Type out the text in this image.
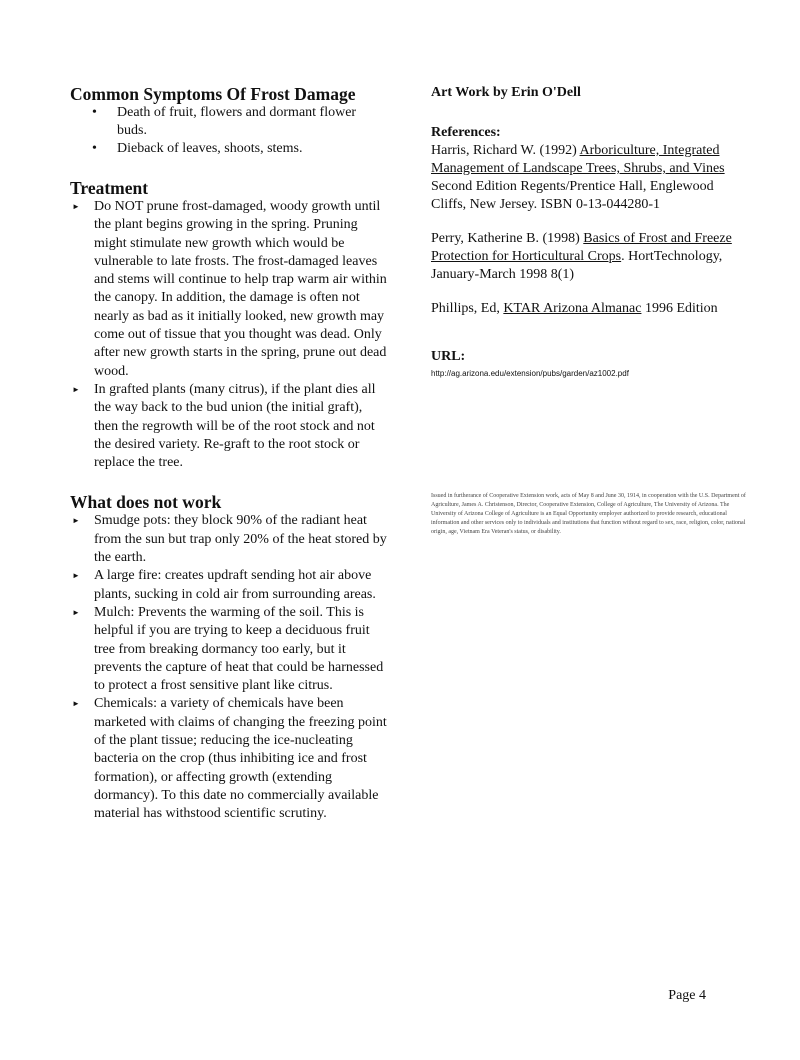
Common Symptoms Of Frost Damage
• Death of fruit, flowers and dormant flower buds.
• Dieback of leaves, shoots, stems.
Treatment
► Do NOT prune frost-damaged, woody growth until the plant begins growing in the spring. Pruning might stimulate new growth which would be vulnerable to late frosts. The frost-damaged leaves and stems will continue to help trap warm air within the canopy. In addition, the damage is often not nearly as bad as it initially looked, new growth may come out of tissue that you thought was dead. Only after new growth starts in the spring, prune out dead wood.
► In grafted plants (many citrus), if the plant dies all the way back to the bud union (the initial graft), then the regrowth will be of the root stock and not the desired variety. Re-graft to the root stock or replace the tree.
What does not work
► Smudge pots: they block 90% of the radiant heat from the sun but trap only 20% of the heat stored by the earth.
► A large fire: creates updraft sending hot air above plants, sucking in cold air from surrounding areas.
► Mulch: Prevents the warming of the soil. This is helpful if you are trying to keep a deciduous fruit tree from breaking dormancy too early, but it prevents the capture of heat that could be harnessed to protect a frost sensitive plant like citrus.
► Chemicals: a variety of chemicals have been marketed with claims of changing the freezing point of the plant tissue; reducing the ice-nucleating bacteria on the crop (thus inhibiting ice and frost formation), or affecting growth (extending dormancy). To this date no commercially available material has withstood scientific scrutiny.

Art Work by Erin O'Dell

References:

Harris, Richard W. (1992) Arboriculture, Integrated Management of Landscape Trees, Shrubs, and Vines Second Edition Regents/Prentice Hall, Englewood Cliffs, New Jersey. ISBN 0-13-044280-1

Perry, Katherine B. (1998) Basics of Frost and Freeze Protection for Horticultural Crops. HortTechnology, January-March 1998 8(1)

Phillips, Ed, KTAR Arizona Almanac 1996 Edition

URL:

http://ag.arizona.edu/extension/pubs/garden/az1002.pdf

Issued in furtherance of Cooperative Extension work, acts of May 8 and June 30, 1914, in cooperation with the U.S. Department of Agriculture, James A. Christenson, Director, Cooperative Extension, College of Agriculture, The University of Arizona. The University of Arizona College of Agriculture is an Equal Opportunity employer authorized to provide research, educational information and other services only to individuals and institutions that function without regard to sex, race, religion, color, national origin, age, Vietnam Era Veteran's status, or disability.

Page 4
